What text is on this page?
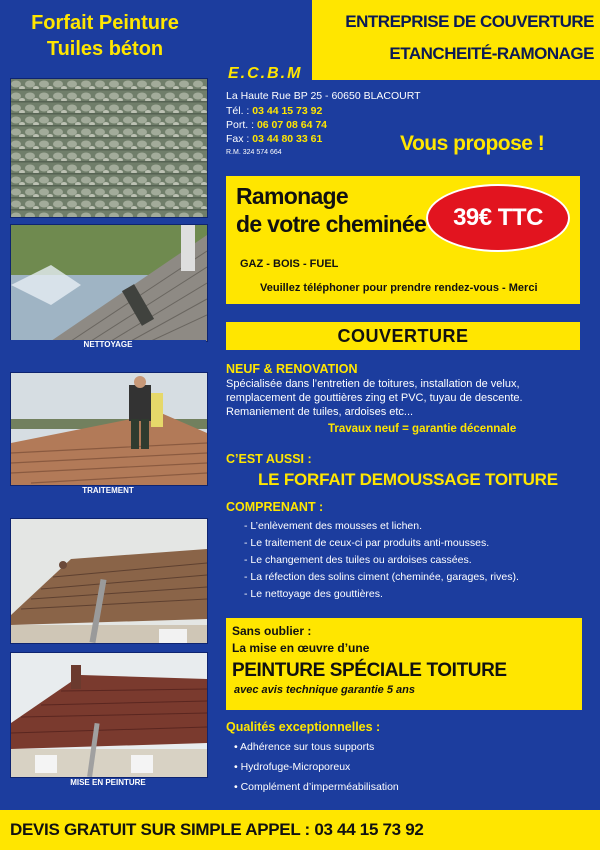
Forfait Peinture
Tuiles béton
NETTOYAGE
TRAITEMENT
MISE EN PEINTURE
ENTREPRISE DE COUVERTURE
ETANCHEITÉ-RAMONAGE
E.C.B.M
La Haute Rue BP 25 - 60650 BLACOURT
Tél. : 03 44 15 73 92
Port. : 06 07 08 64 74
Fax : 03 44 80 33 61
R.M. 324 574 664	Vous propose !
Ramonage
de votre cheminée
GAZ - BOIS - FUEL
39€ TTC
Veuillez téléphoner pour prendre rendez-vous - Merci
COUVERTURE
NEUF & RENOVATION
Spécialisée dans l’entretien de toitures, installation de velux,
remplacement de gouttières zing et PVC, tuyau de descente.
Remaniement de tuiles, ardoises etc...
Travaux neuf = garantie décennale
C’EST AUSSI :
LE FORFAIT DEMOUSSAGE TOITURE
COMPRENANT :
- L’enlèvement des mousses et lichen.
- Le traitement de ceux-ci par produits anti-mousses.
- Le changement des tuiles ou ardoises cassées.
- La réfection des solins ciment (cheminée, garages, rives).
- Le nettoyage des gouttières.
Sans oublier :
La mise en œuvre d’une
PEINTURE SPÉCIALE TOITURE
avec avis technique garantie 5 ans
Qualités exceptionnelles :
• Adhérence sur tous supports
• Hydrofuge-Microporeux
• Complément d’imperméabilisation
DEVIS GRATUIT SUR SIMPLE APPEL : 03 44 15 73 92
